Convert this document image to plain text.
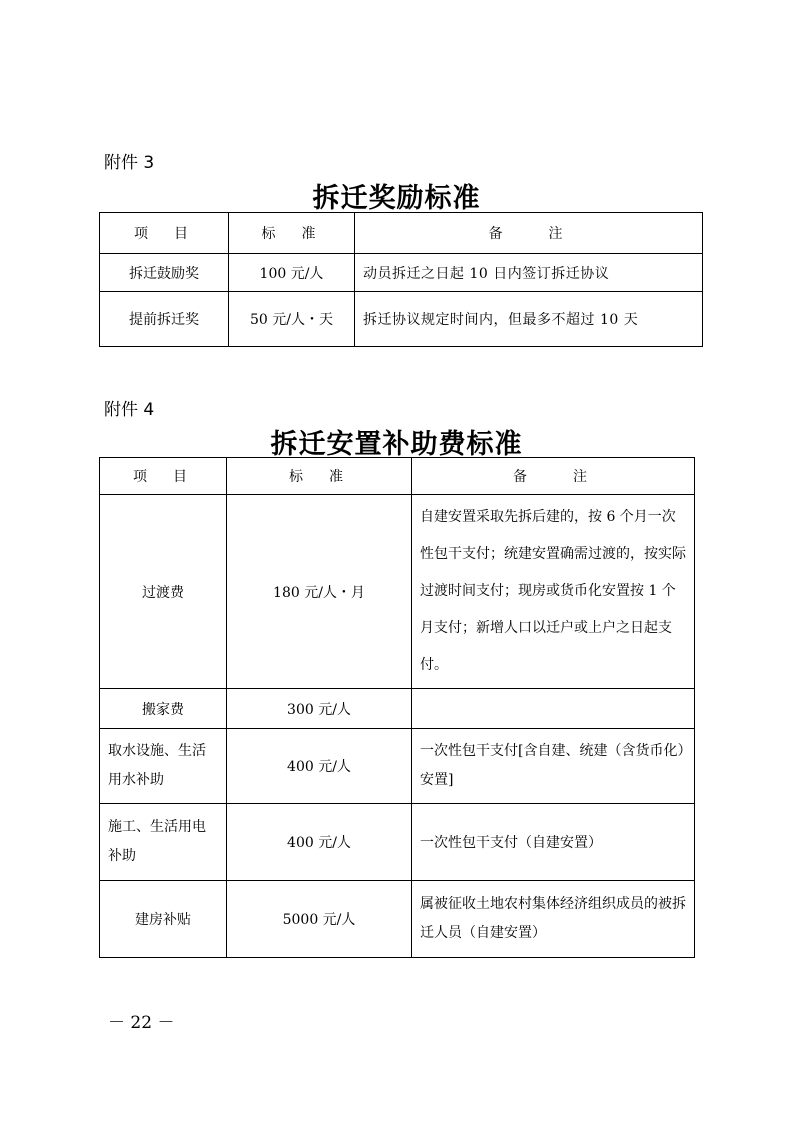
附件 3
拆迁奖励标准
项　目	标　准	备　　注
拆迁鼓励奖	100 元/人	动员拆迁之日起 10 日内签订拆迁协议
提前拆迁奖	50 元/人・天	拆迁协议规定时间内，但最多不超过 10 天
附件 4
拆迁安置补助费标准
项　目	标　准	备　　注
过渡费	180 元/人・月	自建安置采取先拆后建的，按 6 个月一次性包干支付；统建安置确需过渡的，按实际过渡时间支付；现房或货币化安置按 1 个月支付；新增人口以迁户或上户之日起支付。
搬家费	300 元/人	
取水设施、生活用水补助	400 元/人	一次性包干支付[含自建、统建（含货币化）安置]
施工、生活用电补助	400 元/人	一次性包干支付（自建安置）
建房补贴	5000 元/人	属被征收土地农村集体经济组织成员的被拆迁人员（自建安置）
－ 22 －
